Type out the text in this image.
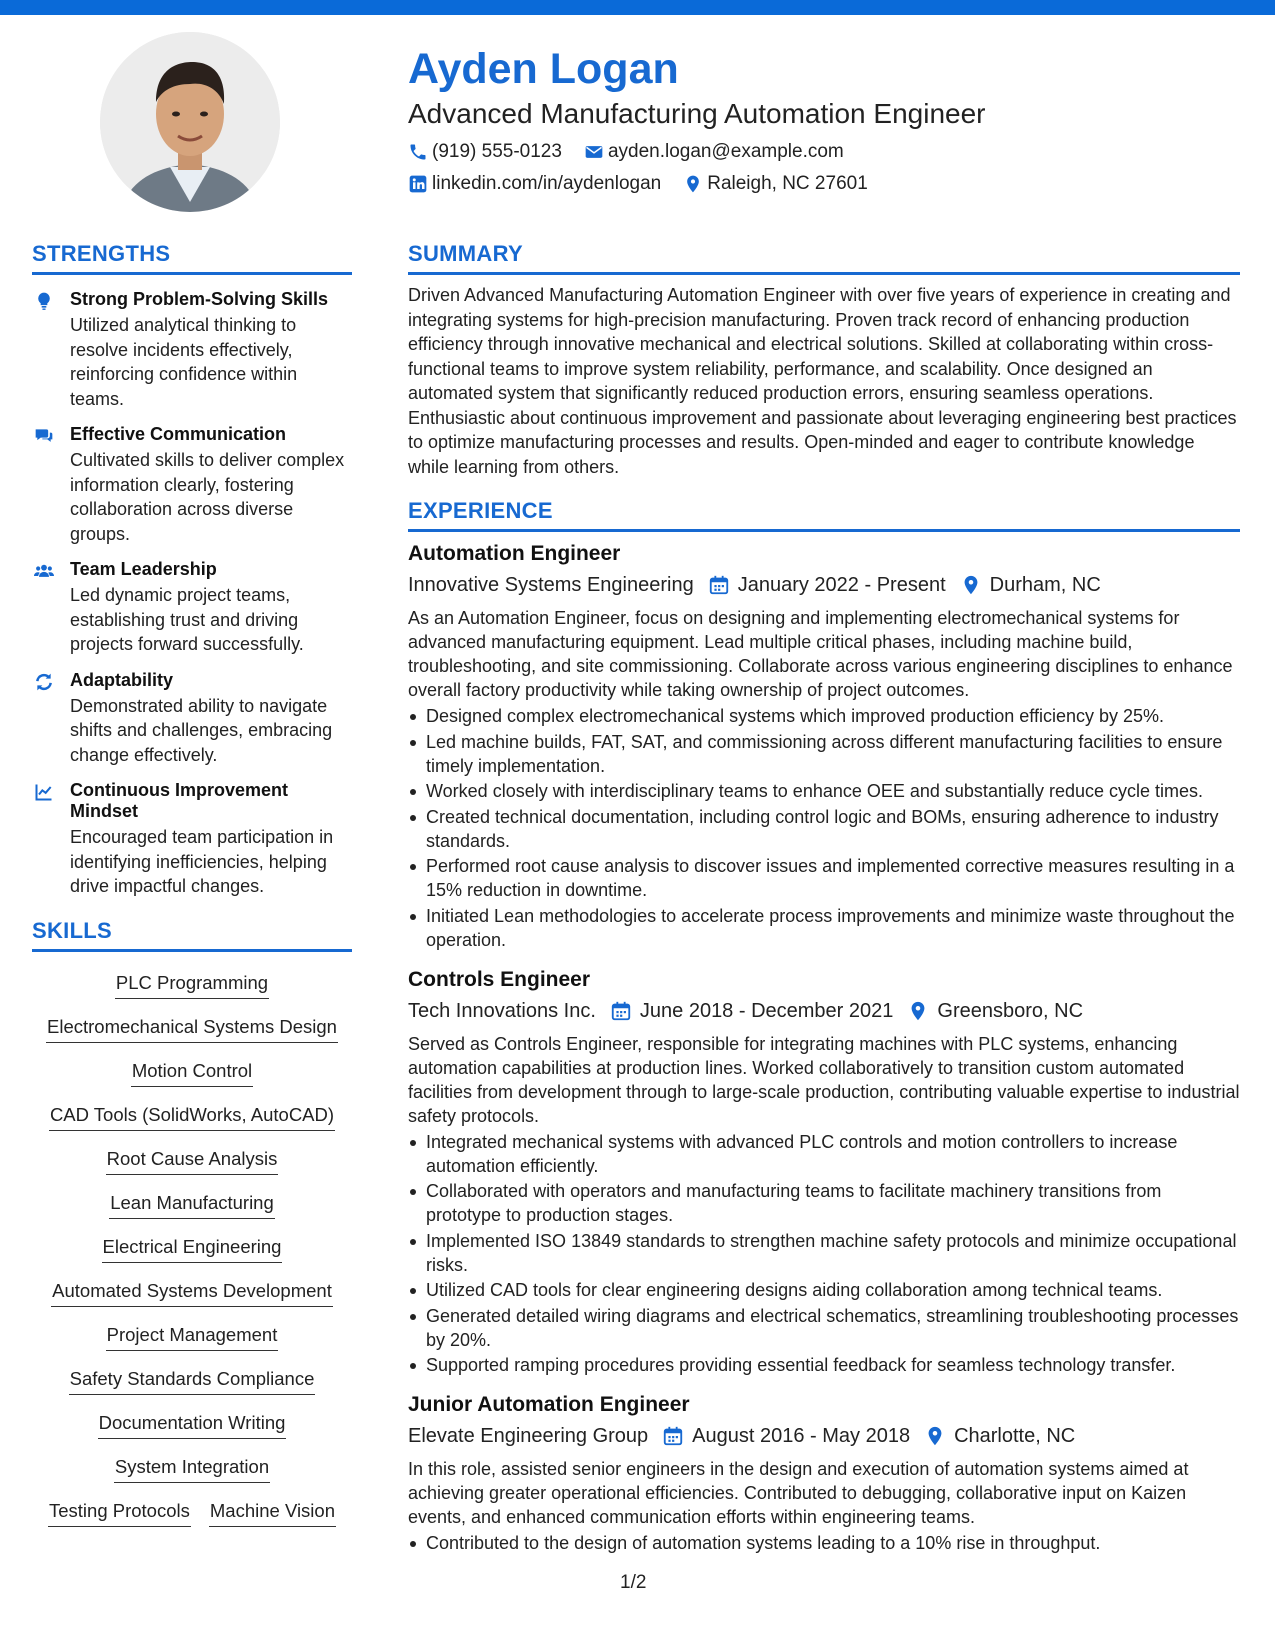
Ayden Logan
Advanced Manufacturing Automation Engineer
(919) 555-0123 ayden.logan@example.com
linkedin.com/in/aydenlogan Raleigh, NC 27601
STRENGTHS
Strong Problem-Solving Skills
Utilized analytical thinking to resolve incidents effectively, reinforcing confidence within teams.
Effective Communication
Cultivated skills to deliver complex information clearly, fostering collaboration across diverse groups.
Team Leadership
Led dynamic project teams, establishing trust and driving projects forward successfully.
Adaptability
Demonstrated ability to navigate shifts and challenges, embracing change effectively.
Continuous Improvement Mindset
Encouraged team participation in identifying inefficiencies, helping drive impactful changes.
SKILLS
PLC Programming
Electromechanical Systems Design
Motion Control
CAD Tools (SolidWorks, AutoCAD)
Root Cause Analysis
Lean Manufacturing
Electrical Engineering
Automated Systems Development
Project Management
Safety Standards Compliance
Documentation Writing
System Integration
Testing Protocols Machine Vision
SUMMARY
Driven Advanced Manufacturing Automation Engineer with over five years of experience in creating and integrating systems for high-precision manufacturing. Proven track record of enhancing production efficiency through innovative mechanical and electrical solutions. Skilled at collaborating within cross-functional teams to improve system reliability, performance, and scalability. Once designed an automated system that significantly reduced production errors, ensuring seamless operations. Enthusiastic about continuous improvement and passionate about leveraging engineering best practices to optimize manufacturing processes and results. Open-minded and eager to contribute knowledge while learning from others.
EXPERIENCE
Automation Engineer
Innovative Systems Engineering January 2022 - Present Durham, NC
As an Automation Engineer, focus on designing and implementing electromechanical systems for advanced manufacturing equipment. Lead multiple critical phases, including machine build, troubleshooting, and site commissioning. Collaborate across various engineering disciplines to enhance overall factory productivity while taking ownership of project outcomes.
Designed complex electromechanical systems which improved production efficiency by 25%.
Led machine builds, FAT, SAT, and commissioning across different manufacturing facilities to ensure timely implementation.
Worked closely with interdisciplinary teams to enhance OEE and substantially reduce cycle times.
Created technical documentation, including control logic and BOMs, ensuring adherence to industry standards.
Performed root cause analysis to discover issues and implemented corrective measures resulting in a 15% reduction in downtime.
Initiated Lean methodologies to accelerate process improvements and minimize waste throughout the operation.
Controls Engineer
Tech Innovations Inc. June 2018 - December 2021 Greensboro, NC
Served as Controls Engineer, responsible for integrating machines with PLC systems, enhancing automation capabilities at production lines. Worked collaboratively to transition custom automated facilities from development through to large-scale production, contributing valuable expertise to industrial safety protocols.
Integrated mechanical systems with advanced PLC controls and motion controllers to increase automation efficiently.
Collaborated with operators and manufacturing teams to facilitate machinery transitions from prototype to production stages.
Implemented ISO 13849 standards to strengthen machine safety protocols and minimize occupational risks.
Utilized CAD tools for clear engineering designs aiding collaboration among technical teams.
Generated detailed wiring diagrams and electrical schematics, streamlining troubleshooting processes by 20%.
Supported ramping procedures providing essential feedback for seamless technology transfer.
Junior Automation Engineer
Elevate Engineering Group August 2016 - May 2018 Charlotte, NC
In this role, assisted senior engineers in the design and execution of automation systems aimed at achieving greater operational efficiencies. Contributed to debugging, collaborative input on Kaizen events, and enhanced communication efforts within engineering teams.
Contributed to the design of automation systems leading to a 10% rise in throughput.
1/2
